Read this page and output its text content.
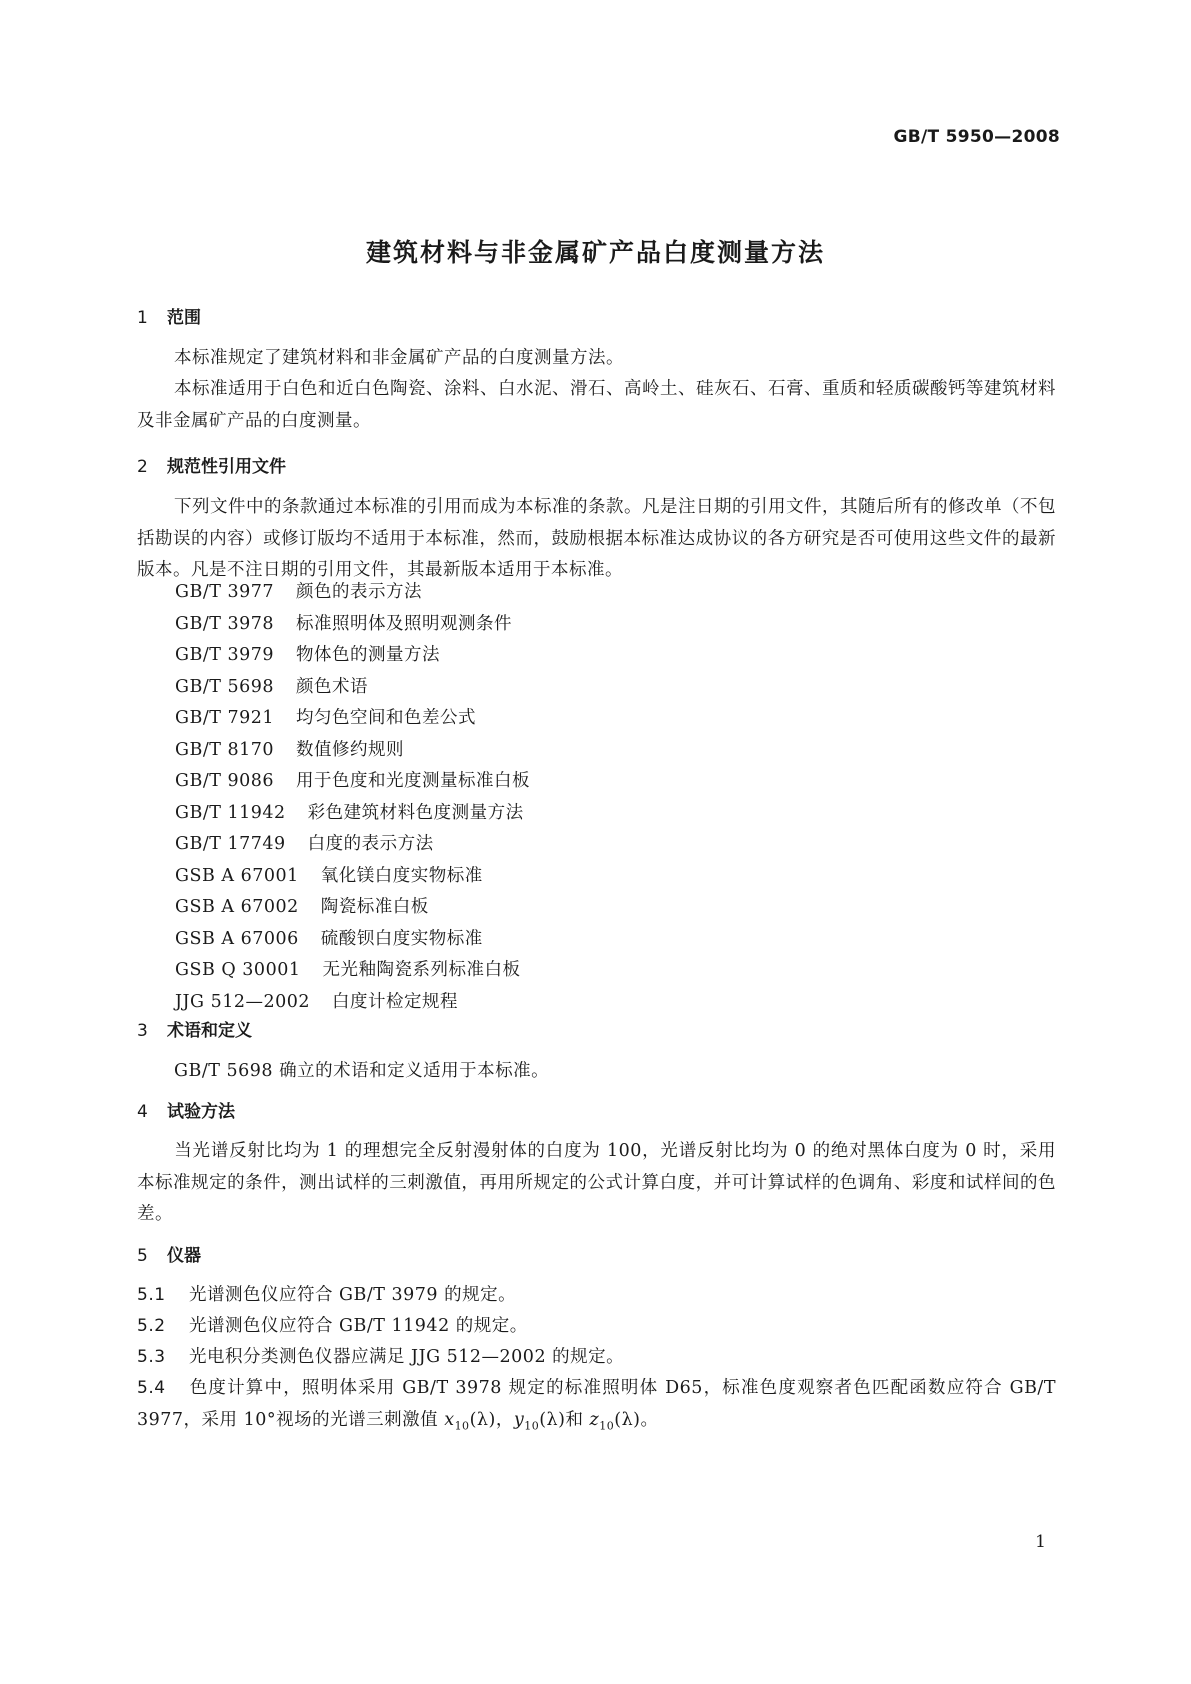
GB/T 5950—2008
建筑材料与非金属矿产品白度测量方法
1 范围
本标准规定了建筑材料和非金属矿产品的白度测量方法。
本标准适用于白色和近白色陶瓷、涂料、白水泥、滑石、高岭土、硅灰石、石膏、重质和轻质碳酸钙等建筑材料及非金属矿产品的白度测量。
2 规范性引用文件
下列文件中的条款通过本标准的引用而成为本标准的条款。凡是注日期的引用文件，其随后所有的修改单（不包括勘误的内容）或修订版均不适用于本标准，然而，鼓励根据本标准达成协议的各方研究是否可使用这些文件的最新版本。凡是不注日期的引用文件，其最新版本适用于本标准。
GB/T 3977 颜色的表示方法
GB/T 3978 标准照明体及照明观测条件
GB/T 3979 物体色的测量方法
GB/T 5698 颜色术语
GB/T 7921 均匀色空间和色差公式
GB/T 8170 数值修约规则
GB/T 9086 用于色度和光度测量标准白板
GB/T 11942 彩色建筑材料色度测量方法
GB/T 17749 白度的表示方法
GSB A 67001 氧化镁白度实物标准
GSB A 67002 陶瓷标准白板
GSB A 67006 硫酸钡白度实物标准
GSB Q 30001 无光釉陶瓷系列标准白板
JJG 512—2002 白度计检定规程
3 术语和定义
GB/T 5698 确立的术语和定义适用于本标准。
4 试验方法
当光谱反射比均为 1 的理想完全反射漫射体的白度为 100，光谱反射比均为 0 的绝对黑体白度为 0 时，采用本标准规定的条件，测出试样的三刺激值，再用所规定的公式计算白度，并可计算试样的色调角、彩度和试样间的色差。
5 仪器
5.1 光谱测色仪应符合 GB/T 3979 的规定。
5.2 光谱测色仪应符合 GB/T 11942 的规定。
5.3 光电积分类测色仪器应满足 JJG 512—2002 的规定。
5.4 色度计算中，照明体采用 GB/T 3978 规定的标准照明体 D65，标准色度观察者色匹配函数应符合 GB/T 3977，采用 10°视场的光谱三刺激值 $x_{10}(\lambda)$，$y_{10}(\lambda)$和 $z_{10}(\lambda)$。
1
